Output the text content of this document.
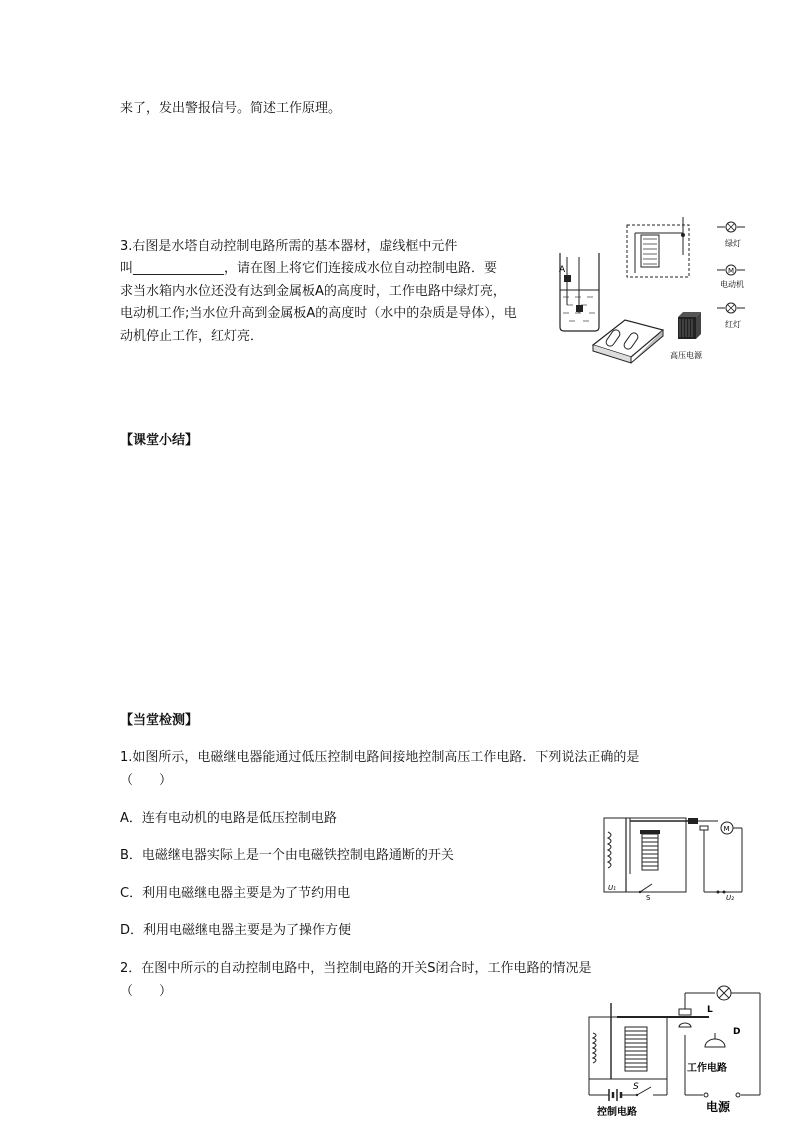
来了，发出警报信号。简述工作原理。
3.右图是水塔自动控制电路所需的基本器材，虚线框中元件
叫______________，请在图上将它们连接成水位自动控制电路．要
求当水箱内水位还没有达到金属板A的高度时，工作电路中绿灯亮，
电动机工作;当水位升高到金属板A的高度时（水中的杂质是导体），电
动机停止工作，红灯亮．
A
绿灯
M
电动机
红灯
高压电源
【课堂小结】
【当堂检测】
1.如图所示，电磁继电器能通过低压控制电路间接地控制高压工作电路．下列说法正确的是
（　　）
A．连有电动机的电路是低压控制电路
B．电磁继电器实际上是一个由电磁铁控制电路通断的开关
C．利用电磁继电器主要是为了节约用电
D．利用电磁继电器主要是为了操作方便
M
U₂
S
U₁
2．在图中所示的自动控制电路中，当控制电路的开关S闭合时，工作电路的情况是
（　　）
L
D
工作电路
电源
S
控制电路
